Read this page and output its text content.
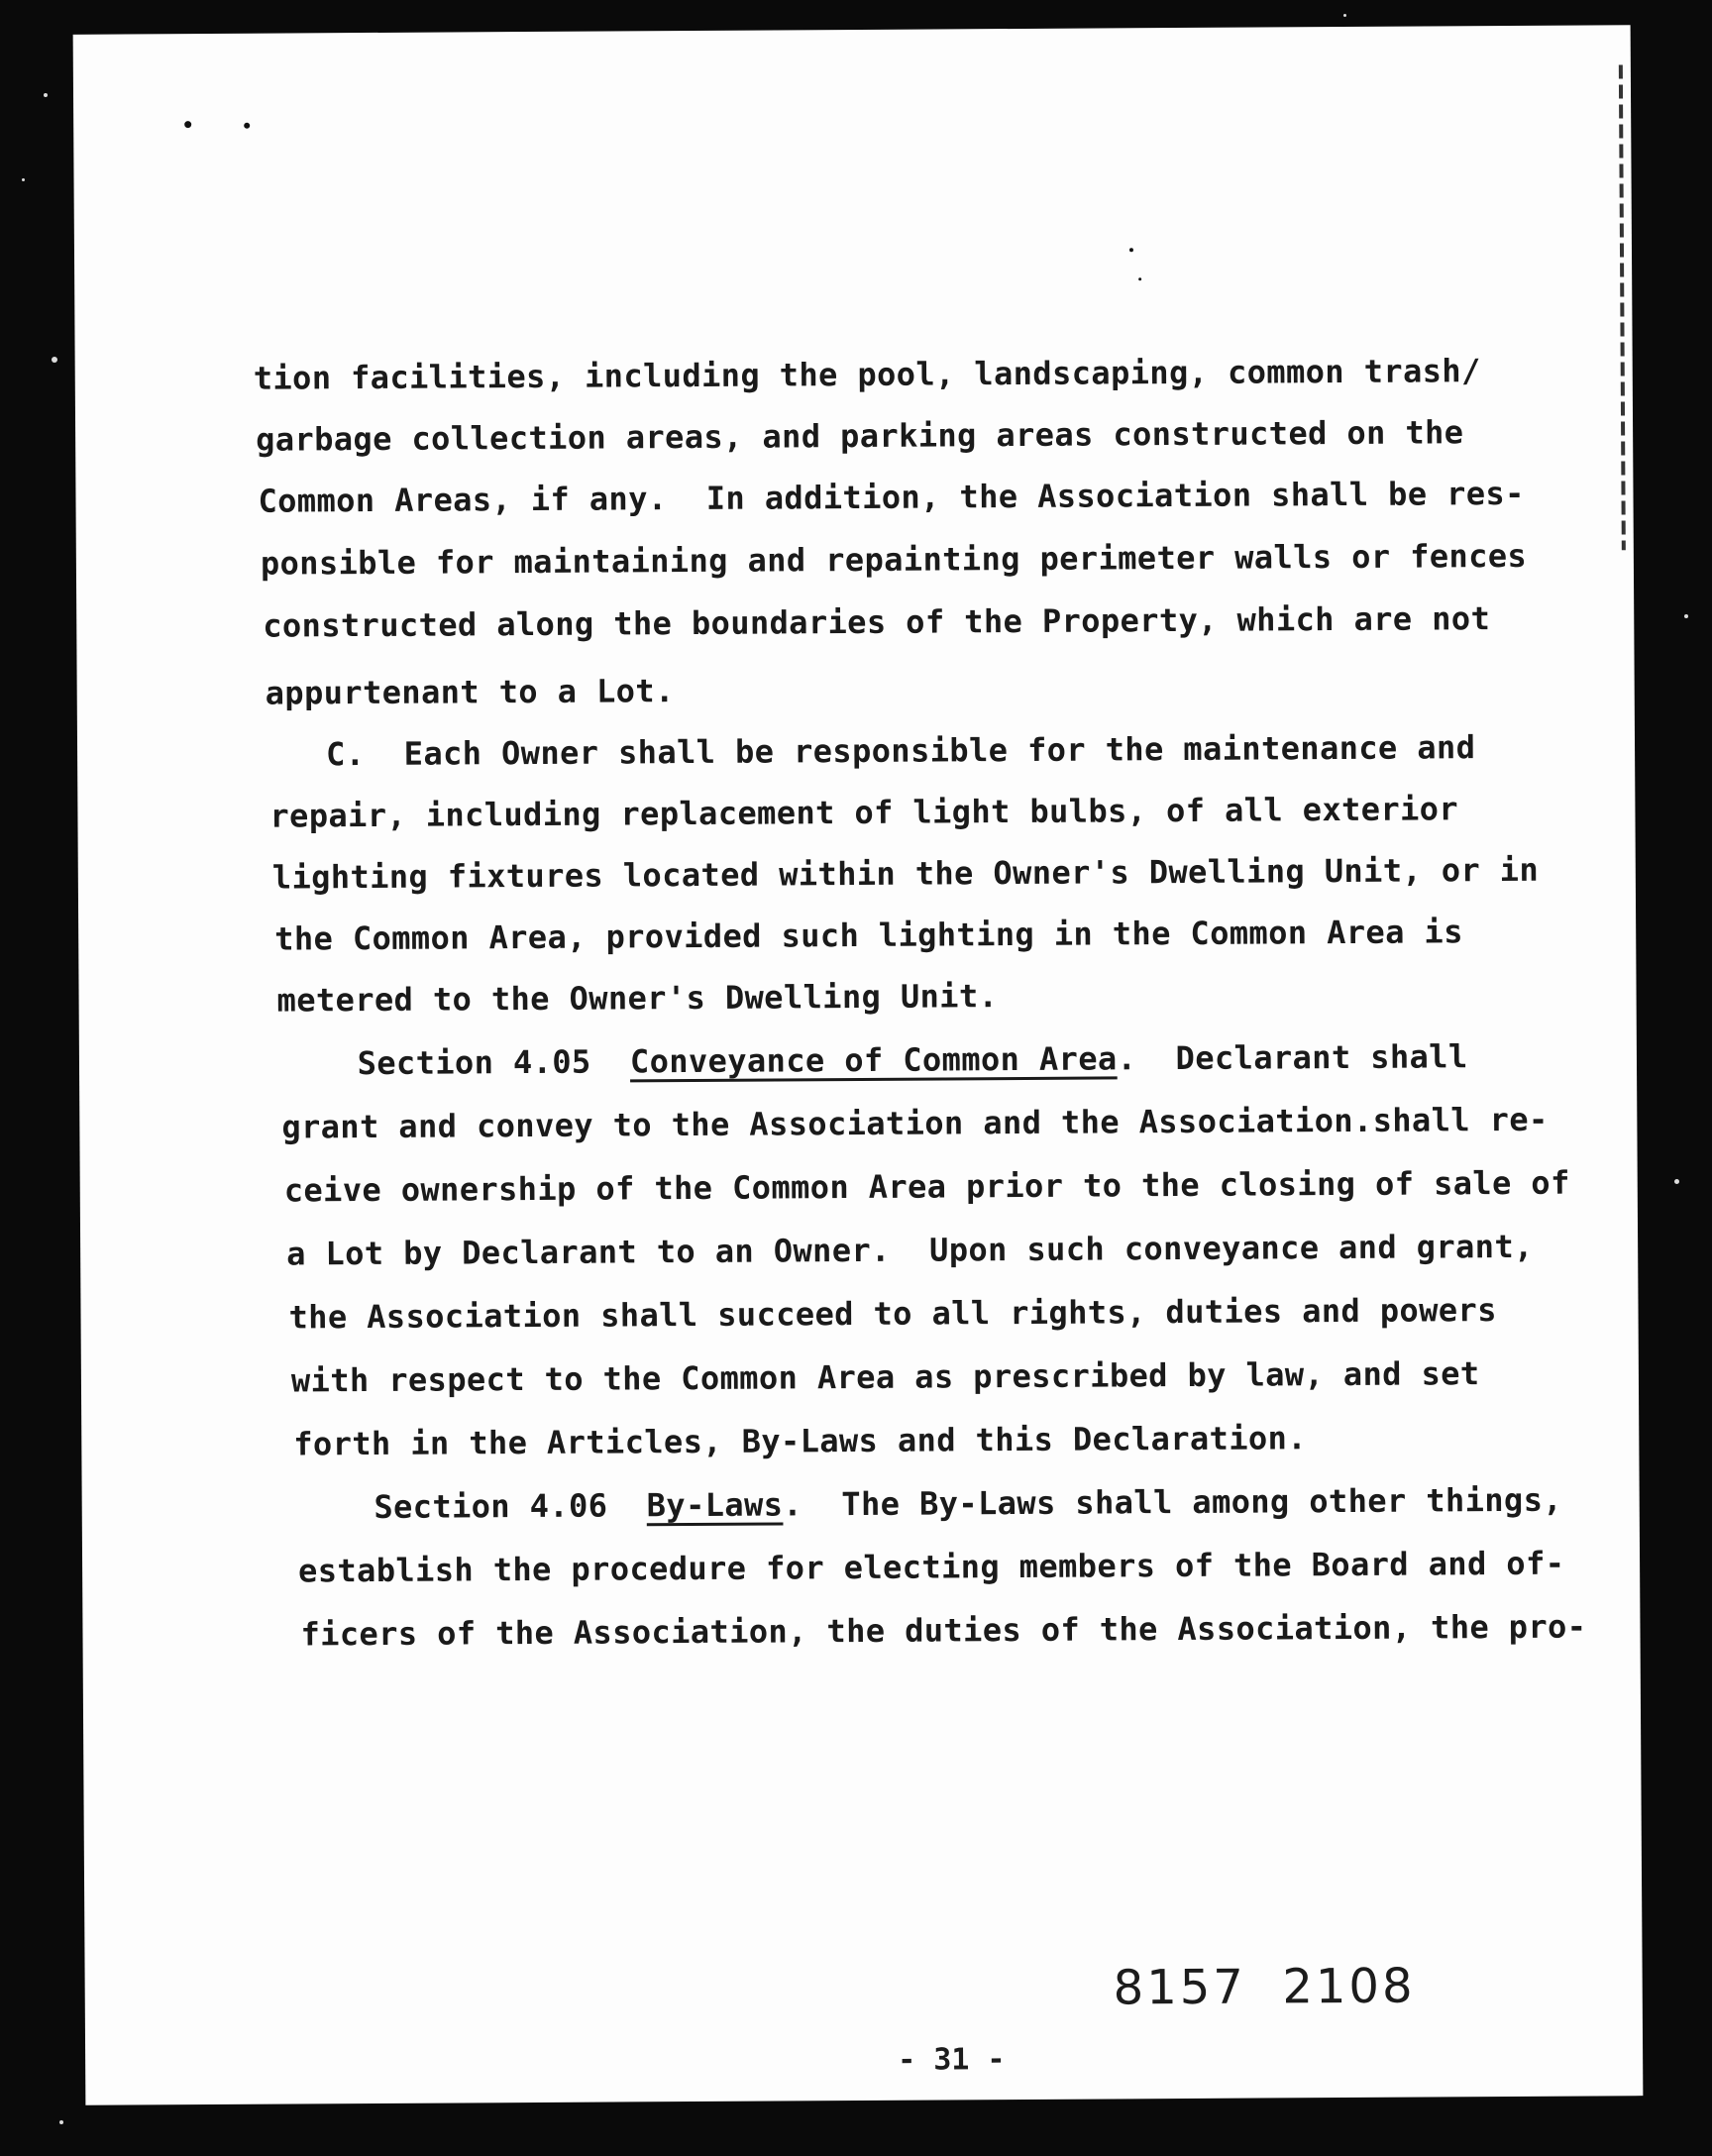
tion facilities, including the pool, landscaping, common trash/
garbage collection areas, and parking areas constructed on the
Common Areas, if any.  In addition, the Association shall be res-
ponsible for maintaining and repainting perimeter walls or fences
constructed along the boundaries of the Property, which are not
appurtenant to a Lot.
C.  Each Owner shall be responsible for the maintenance and
repair, including replacement of light bulbs, of all exterior
lighting fixtures located within the Owner's Dwelling Unit, or in
the Common Area, provided such lighting in the Common Area is
metered to the Owner's Dwelling Unit.
Section 4.05  Conveyance of Common Area.  Declarant shall
grant and convey to the Association and the Association.shall re-
ceive ownership of the Common Area prior to the closing of sale of
a Lot by Declarant to an Owner.  Upon such conveyance and grant,
the Association shall succeed to all rights, duties and powers
with respect to the Common Area as prescribed by law, and set
forth in the Articles, By-Laws and this Declaration.
Section 4.06  By-Laws.  The By-Laws shall among other things,
establish the procedure for electing members of the Board and of-
ficers of the Association, the duties of the Association, the pro-
8157  2108
- 31 -
